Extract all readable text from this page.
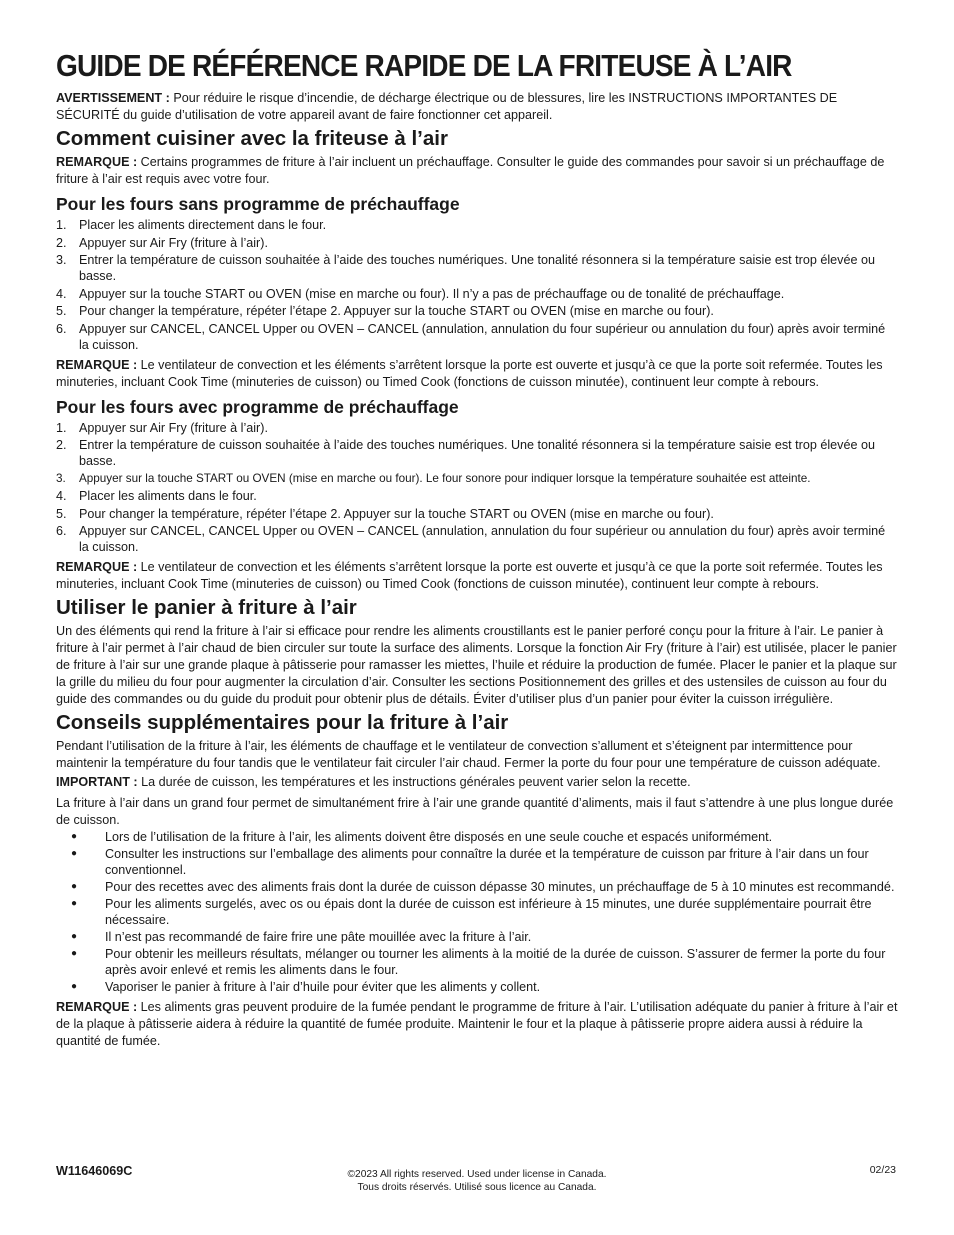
GUIDE DE RÉFÉRENCE RAPIDE DE LA FRITEUSE À L’AIR

AVERTISSEMENT : Pour réduire le risque d’incendie, de décharge électrique ou de blessures, lire les INSTRUCTIONS IMPORTANTES DE SÉCURITÉ du guide d’utilisation de votre appareil avant de faire fonctionner cet appareil.

Comment cuisiner avec la friteuse à l’air

REMARQUE : Certains programmes de friture à l’air incluent un préchauffage. Consulter le guide des commandes pour savoir si un préchauffage de friture à l’air est requis avec votre four.

Pour les fours sans programme de préchauffage
1. Placer les aliments directement dans le four.
2. Appuyer sur Air Fry (friture à l’air).
3. Entrer la température de cuisson souhaitée à l’aide des touches numériques. Une tonalité résonnera si la température saisie est trop élevée ou basse.
4. Appuyer sur la touche START ou OVEN (mise en marche ou four). Il n’y a pas de préchauffage ou de tonalité de préchauffage.
5. Pour changer la température, répéter l’étape 2. Appuyer sur la touche START ou OVEN (mise en marche ou four).
6. Appuyer sur CANCEL, CANCEL Upper ou OVEN – CANCEL (annulation, annulation du four supérieur ou annulation du four) après avoir terminé la cuisson.

REMARQUE : Le ventilateur de convection et les éléments s’arrêtent lorsque la porte est ouverte et jusqu’à ce que la porte soit refermée. Toutes les minuteries, incluant Cook Time (minuteries de cuisson) ou Timed Cook (fonctions de cuisson minutée), continuent leur compte à rebours.

Pour les fours avec programme de préchauffage
1. Appuyer sur Air Fry (friture à l’air).
2. Entrer la température de cuisson souhaitée à l’aide des touches numériques. Une tonalité résonnera si la température saisie est trop élevée ou basse.
3. Appuyer sur la touche START ou OVEN (mise en marche ou four). Le four sonore pour indiquer lorsque la température souhaitée est atteinte.
4. Placer les aliments dans le four.
5. Pour changer la température, répéter l’étape 2. Appuyer sur la touche START ou OVEN (mise en marche ou four).
6. Appuyer sur CANCEL, CANCEL Upper ou OVEN – CANCEL (annulation, annulation du four supérieur ou annulation du four) après avoir terminé la cuisson.

REMARQUE : Le ventilateur de convection et les éléments s’arrêtent lorsque la porte est ouverte et jusqu’à ce que la porte soit refermée. Toutes les minuteries, incluant Cook Time (minuteries de cuisson) ou Timed Cook (fonctions de cuisson minutée), continuent leur compte à rebours.

Utiliser le panier à friture à l’air

Un des éléments qui rend la friture à l’air si efficace pour rendre les aliments croustillants est le panier perforé conçu pour la friture à l’air. Le panier à friture à l’air permet à l’air chaud de bien circuler sur toute la surface des aliments. Lorsque la fonction Air Fry (friture à l’air) est utilisée, placer le panier de friture à l’air sur une grande plaque à pâtisserie pour ramasser les miettes, l’huile et réduire la production de fumée. Placer le panier et la plaque sur la grille du milieu du four pour augmenter la circulation d’air. Consulter les sections Positionnement des grilles et des ustensiles de cuisson au four du guide des commandes ou du guide du produit pour obtenir plus de détails. Éviter d’utiliser plus d’un panier pour éviter la cuisson irrégulière.

Conseils supplémentaires pour la friture à l’air

Pendant l’utilisation de la friture à l’air, les éléments de chauffage et le ventilateur de convection s’allument et s’éteignent par intermittence pour maintenir la température du four tandis que le ventilateur fait circuler l’air chaud. Fermer la porte du four pour une température de cuisson adéquate.

IMPORTANT : La durée de cuisson, les températures et les instructions générales peuvent varier selon la recette.

La friture à l’air dans un grand four permet de simultanément frire à l’air une grande quantité d’aliments, mais il faut s’attendre à une plus longue durée de cuisson.

● Lors de l’utilisation de la friture à l’air, les aliments doivent être disposés en une seule couche et espacés uniformément.
● Consulter les instructions sur l’emballage des aliments pour connaître la durée et la température de cuisson par friture à l’air dans un four conventionnel.
● Pour des recettes avec des aliments frais dont la durée de cuisson dépasse 30 minutes, un préchauffage de 5 à 10 minutes est recommandé.
● Pour les aliments surgelés, avec os ou épais dont la durée de cuisson est inférieure à 15 minutes, une durée supplémentaire pourrait être nécessaire.
● Il n’est pas recommandé de faire frire une pâte mouillée avec la friture à l’air.
● Pour obtenir les meilleurs résultats, mélanger ou tourner les aliments à la moitié de la durée de cuisson. S’assurer de fermer la porte du four après avoir enlevé et remis les aliments dans le four.
● Vaporiser le panier à friture à l’air d’huile pour éviter que les aliments y collent.

REMARQUE : Les aliments gras peuvent produire de la fumée pendant le programme de friture à l’air. L’utilisation adéquate du panier à friture à l’air et de la plaque à pâtisserie aidera à réduire la quantité de fumée produite. Maintenir le four et la plaque à pâtisserie propre aidera aussi à réduire la quantité de fumée.

W11646069C	©2023 All rights reserved. Used under license in Canada.
Tous droits réservés. Utilisé sous licence au Canada.
02/23
